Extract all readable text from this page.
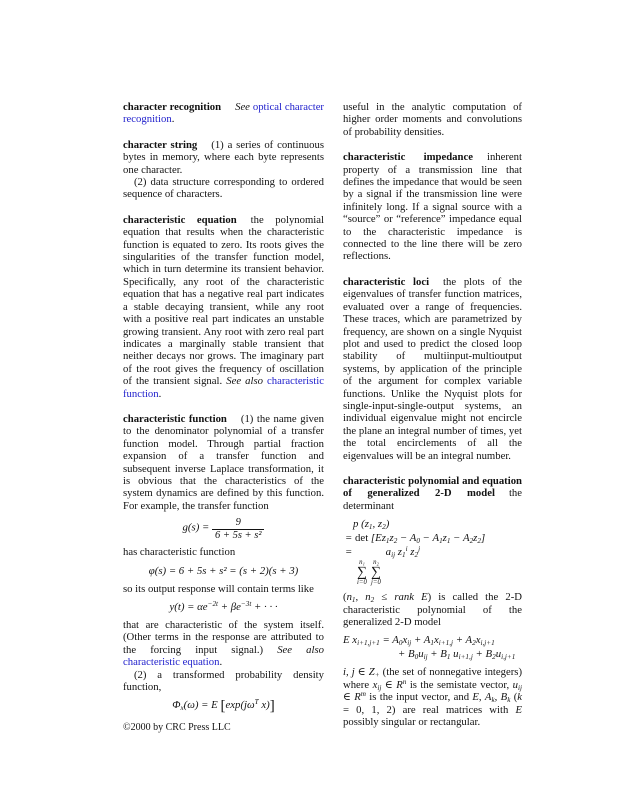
character recognition See optical character recognition.

character string (1) a series of continuous bytes in memory, where each byte represents one character.

(2) data structure corresponding to ordered sequence of characters.

characteristic equation the polynomial equation that results when the characteristic function is equated to zero. Its roots gives the singularities of the transfer function model, which in turn determine its transient behavior. Specifically, any root of the characteristic equation that has a negative real part indicates a stable decaying transient, while any root with a positive real part indicates an unstable growing transient. Any root with zero real part indicates a marginally stable transient that neither decays nor grows. The imaginary part of the root gives the frequency of oscillation of the transient signal. See also characteristic function.

characteristic function (1) the name given to the denominator polynomial of a transfer function model. Through partial fraction expansion of a transfer function and subsequent inverse Laplace transformation, it is obvious that the characteristics of the system dynamics are defined by this function. For example, the transfer function

$g(s) = \frac{9}{\text{6 + 5s + s²}}$

has characteristic function

φ(s) = 6 + 5s + s² = (s + 2)(s + 3)

so its output response will contain terms like

$y(t) = \alpha e^{-2t} + \beta e^{-3t}$ + · · ·

that are characteristic of the system itself. (Other terms in the response are attributed to the forcing input signal.) See also characteristic equation.

(2) a transformed probability density function,

$\Phi_x(\omega) = E$ [$\exp(j\omega^T$ x)]

useful in the analytic computation of higher order moments and convolutions of probability densities.

characteristic impedance inherent property of a transmission line that defines the impedance that would be seen by a signal if the transmission line were infinitely long. If a signal source with a “source” or “reference” impedance equal to the characteristic impedance is connected to the line there will be zero reflections.

characteristic loci the plots of the eigenvalues of transfer function matrices, evaluated over a range of frequencies. These traces, which are parametrized by frequency, are shown on a single Nyquist plot and used to predict the closed loop stability of multiinput-multioutput systems, by application of the principle of the argument for complex variable functions. Unlike the Nyquist plots for single-input-single-output systems, an individual eigenvalue might not encircle the plane an integral number of times, yet the total encirclements of all the eigenvalues will be an integral number.

characteristic polynomial and equation of generalized 2-D model the determinant

p ($z_1$, $z_2$)
= $\det [Ez_1z_2 - A_0 - A_1z_1 - A_2z_2]$
=
n₁
∑
i=0
n₂
∑
j=0
$a_{ij}$ $z_1^i$ $z_2^j$

($n_1$, $n_2$ ≤ rank E) is called the 2-D characteristic polynomial of the generalized 2-D model

E $x_{i+1,j+1} = A_0x_{ij} + A_1x_{i+1,j} + A_2x_{i,j+1}$
+ $B_0u_{ij} + B_1$ $u_{i+1,j} + B_2u_{i,j+1}$

i, j ∈ $Z_+$ (the set of nonnegative integers) where $x_{ij}$ ∈ $R^n$ is the semistate vector, $u_{ij}$ ∈ $R^m$ is the input vector, and E, $A_k$, $B_k$ (k = 0, 1, 2) are real matrices with E possibly singular or rectangular.

©2000 by CRC Press LLC
